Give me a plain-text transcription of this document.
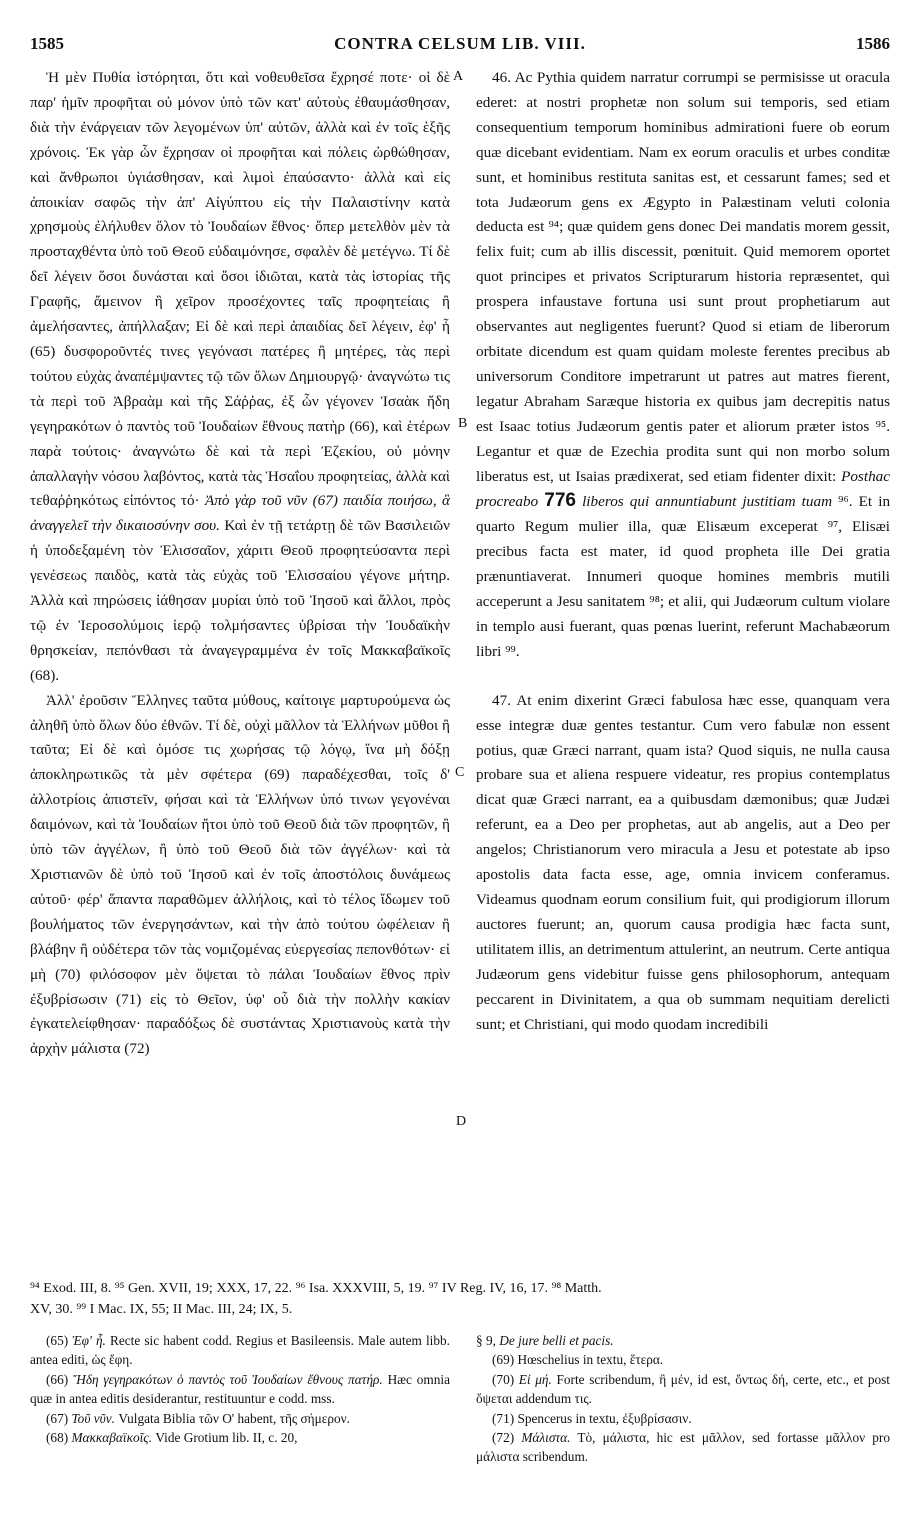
1585	CONTRA CELSUM LIB. VIII.	1586
A
B
C
D

Ἡ μὲν Πυθία ἱστόρηται, ὅτι καὶ νοθευθεῖσα ἔχρησέ ποτε· οἱ δὲ παρ' ἡμῖν προφῆται οὐ μόνον ὑπὸ τῶν κατ' αὐτοὺς ἐθαυμάσθησαν, διὰ τὴν ἐνάργειαν τῶν λεγομένων ὑπ' αὐτῶν, ἀλλὰ καὶ ἐν τοῖς ἑξῆς χρόνοις. Ἐκ γὰρ ὧν ἔχρησαν οἱ προφῆται καὶ πόλεις ὠρθώθησαν, καὶ ἄνθρωποι ὑγιάσθησαν, καὶ λιμοὶ ἐπαύσαντο· ἀλλὰ καὶ εἰς ἀποικίαν σαφῶς τὴν ἀπ' Αἰγύπτου εἰς τὴν Παλαιστίνην κατὰ χρησμοὺς ἐλήλυθεν ὅλον τὸ Ἰουδαίων ἔθνος· ὅπερ μετελθὸν μὲν τὰ προσταχθέντα ὑπὸ τοῦ Θεοῦ εὐδαιμόνησε, σφαλὲν δὲ μετέγνω. Τί δὲ δεῖ λέγειν ὅσοι δυνάσται καὶ ὅσοι ἰδιῶται, κατὰ τὰς ἱστορίας τῆς Γραφῆς, ἄμεινον ἢ χεῖρον προσέχοντες ταῖς προφητείαις ἢ ἀμελήσαντες, ἀπήλλαξαν; Εἰ δὲ καὶ περὶ ἀπαιδίας δεῖ λέγειν, ἐφ' ἧ (65) δυσφοροῦντές τινες γεγόνασι πατέρες ἢ μητέρες, τὰς περὶ τούτου εὐχὰς ἀναπέμψαντες τῷ τῶν ὅλων Δημιουργῷ· ἀναγνώτω τις τὰ περὶ τοῦ Ἀβραὰμ καὶ τῆς Σάῤῥας, ἐξ ὧν γέγονεν Ἰσαὰκ ἤδη γεγηρακότων ὁ παντὸς τοῦ Ἰουδαίων ἔθνους πατὴρ (66), καὶ ἑτέρων παρὰ τούτοις· ἀναγνώτω δὲ καὶ τὰ περὶ Ἐζεκίου, οὐ μόνην ἀπαλλαγὴν νόσου λαβόντος, κατὰ τὰς Ἡσαΐου προφητείας, ἀλλὰ καὶ τεθαῤῥηκότως εἰπόντος τό· Ἀπὸ γὰρ τοῦ νῦν (67) παιδία ποιήσω, ἃ ἀναγγελεῖ τὴν δικαιοσύνην σου. Καὶ ἐν τῇ τετάρτῃ δὲ τῶν Βασιλειῶν ἡ ὑποδεξαμένη τὸν Ἐλισσαῖον, χάριτι Θεοῦ προφητεύσαντα περὶ γενέσεως παιδὸς, κατὰ τὰς εὐχὰς τοῦ Ἐλισσαίου γέγονε μήτηρ. Ἀλλὰ καὶ πηρώσεις ἰάθησαν μυρίαι ὑπὸ τοῦ Ἰησοῦ καὶ ἄλλοι, πρὸς τῷ ἐν Ἱεροσολύμοις ἱερῷ τολμήσαντες ὑβρίσαι τὴν Ἰουδαϊκὴν θρησκείαν, πεπόνθασι τὰ ἀναγεγραμμένα ἐν τοῖς Μακκαβαϊκοῖς (68).

Ἀλλ' ἐροῦσιν Ἕλληνες ταῦτα μύθους, καίτοιγε μαρτυρούμενα ὡς ἀληθῆ ὑπὸ ὅλων δύο ἐθνῶν. Τί δὲ, οὐχὶ μᾶλλον τὰ Ἑλλήνων μῦθοι ἢ ταῦτα; Εἰ δὲ καὶ ὁμόσε τις χωρήσας τῷ λόγῳ, ἵνα μὴ δόξῃ ἀποκληρωτικῶς τὰ μὲν σφέτερα (69) παραδέχεσθαι, τοῖς δ' ἀλλοτρίοις ἀπιστεῖν, φήσαι καὶ τὰ Ἑλλήνων ὑπό τινων γεγονέναι δαιμόνων, καὶ τὰ Ἰουδαίων ἤτοι ὑπὸ τοῦ Θεοῦ διὰ τῶν προφητῶν, ἢ ὑπὸ τῶν ἀγγέλων, ἢ ὑπὸ τοῦ Θεοῦ διὰ τῶν ἀγγέλων· καὶ τὰ Χριστιανῶν δὲ ὑπὸ τοῦ Ἰησοῦ καὶ ἐν τοῖς ἀποστόλοις δυνάμεως αὐτοῦ· φέρ' ἅπαντα παραθῶμεν ἀλλήλοις, καὶ τὸ τέλος ἴδωμεν τοῦ βουλήματος τῶν ἐνεργησάντων, καὶ τὴν ἀπὸ τούτου ὠφέλειαν ἢ βλάβην ἢ οὐδέτερα τῶν τὰς νομιζομένας εὐεργεσίας πεπονθότων· εἰ μὴ (70) φιλόσοφον μὲν ὄψεται τὸ πάλαι Ἰουδαίων ἔθνος πρὶν ἐξυβρίσωσιν (71) εἰς τὸ Θεῖον, ὑφ' οὗ διὰ τὴν πολλὴν κακίαν ἐγκατελείφθησαν· παραδόξως δὲ συστάντας Χριστιανοὺς κατὰ τὴν ἀρχὴν μάλιστα (72)

46. Ac Pythia quidem narratur corrumpi se permisisse ut oracula ederet: at nostri prophetæ non solum sui temporis, sed etiam consequentium temporum hominibus admirationi fuere ob eorum quæ dicebant evidentiam. Nam ex eorum oraculis et urbes conditæ sunt, et hominibus restituta sanitas est, et cessarunt fames; sed et tota Judæorum gens ex Ægypto in Palæstinam veluti colonia deducta est ⁹⁴; quæ quidem gens donec Dei mandatis morem gessit, felix fuit; cum ab illis discessit, pœnituit. Quid memorem oportet quot principes et privatos Scripturarum historia repræsentet, qui prospera infaustave fortuna usi sunt prout prophetiarum aut observantes aut negligentes fuerunt? Quod si etiam de liberorum orbitate dicendum est quam quidam moleste ferentes precibus ab universorum Conditore impetrarunt ut patres aut matres fierent, legatur Abraham Saræque historia ex quibus jam decrepitis natus est Isaac totius Judæorum gentis pater et aliorum præter istos ⁹⁵. Legantur et quæ de Ezechia prodita sunt qui non morbo solum liberatus est, ut Isaias prædixerat, sed etiam fidenter dixit: Posthac procreabo 776 liberos qui annuntiabunt justitiam tuam ⁹⁶. Et in quarto Regum mulier illa, quæ Elisæum exceperat ⁹⁷, Elisæi precibus facta est mater, id quod propheta ille Dei gratia prænuntiaverat. Innumeri quoque homines membris mutili acceperunt a Jesu sanitatem ⁹⁸; et alii, qui Judæorum cultum violare in templo ausi fuerant, quas pœnas luerint, referunt Machabæorum libri ⁹⁹.

47. At enim dixerint Græci fabulosa hæc esse, quanquam vera esse integræ duæ gentes testantur. Cum vero fabulæ non essent potius, quæ Græci narrant, quam ista? Quod siquis, ne nulla causa probare sua et aliena respuere videatur, res propius contemplatus dicat quæ Græci narrant, ea a quibusdam dæmonibus; quæ Judæi referunt, ea a Deo per prophetas, aut ab angelis, aut a Deo per angelos; Christianorum vero miracula a Jesu et potestate ab ipso apostolis data facta esse, age, omnia invicem conferamus. Videamus quodnam eorum consilium fuit, qui prodigiorum illorum auctores fuerunt; an, quorum causa prodigia hæc facta sunt, utilitatem illis, an detrimentum attulerint, an neutrum. Certe antiqua Judæorum gens videbitur fuisse gens philosophorum, antequam peccarent in Divinitatem, a qua ob summam nequitiam derelicti sunt; et Christiani, qui modo quodam incredibili

⁹⁴ Exod. III, 8. ⁹⁵ Gen. XVII, 19; XXX, 17, 22. ⁹⁶ Isa. XXXVIII, 5, 19. ⁹⁷ IV Reg. IV, 16, 17. ⁹⁸ Matth.

XV, 30. ⁹⁹ I Mac. IX, 55; II Mac. III, 24; IX, 5.

(65) Ἐφ' ἧ. Recte sic habent codd. Regius et Basileensis. Male autem libb. antea editi, ὡς ἔφη.

(66) Ἤδη γεγηρακότων ὁ παντὸς τοῦ Ἰουδαίων ἔθνους πατήρ. Hæc omnia quæ in antea editis desiderantur, restituuntur e codd. mss.

(67) Τοῦ νῦν. Vulgata Biblia τῶν Ο' habent, τῆς σήμερον.

(68) Μακκαβαϊκοῖς. Vide Grotium lib. II, c. 20,

§ 9, De jure belli et pacis.

(69) Hœschelius in textu, ἕτερα.

(70) Εἰ μή. Forte scribendum, ἢ μέν, id est, ὄντως δή, certe, etc., et post ὄψεται addendum τις.

(71) Spencerus in textu, ἐξυβρίσασιν.

(72) Μάλιστα. Τὸ, μάλιστα, hic est μᾶλλον, sed fortasse μᾶλλον pro μάλιστα scribendum.
